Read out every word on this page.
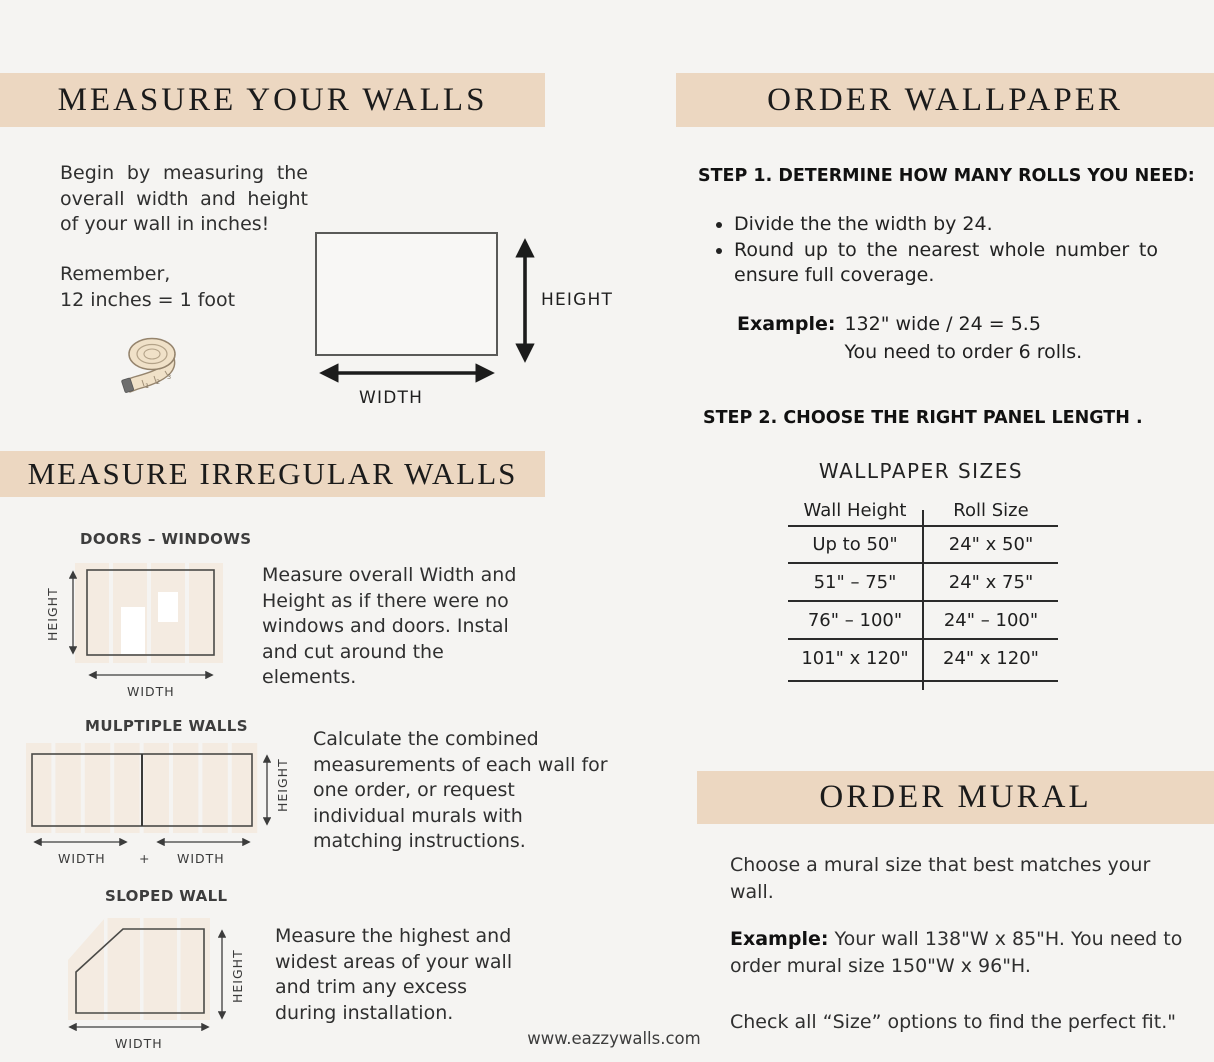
MEASURE YOUR WALLS
Begin by measuring the overall width and height of your wall in inches!
Remember,
12 inches = 1 foot
1 2
3
HEIGHT
WIDTH
MEASURE IRREGULAR WALLS
DOORS – WINDOWS
HEIGHT
WIDTH
Measure overall Width and Height as if there were no windows and doors. Instal and cut around the elements.
MULPTIPLE WALLS
HEIGHT
WIDTH	+ WIDTH
Calculate the combined measurements of each wall for one order, or request individual murals with matching instructions.
SLOPED WALL
HEIGHT
WIDTH
Measure the highest and widest areas of your wall and trim any excess during installation.
www.eazzywalls.com
ORDER WALLPAPER
STEP 1. DETERMINE HOW MANY ROLLS YOU NEED:
• Divide the the width by 24.
• Round up to the nearest whole number to ensure full coverage.
Example: 132" wide / 24 = 5.5
You need to order 6 rolls.
STEP 2. CHOOSE THE RIGHT PANEL LENGTH .
WALLPAPER SIZES
Wall Height	Roll Size
Up to 50"	24" x 50"
51" – 75"	24" x 75"
76" – 100"	24" – 100"
101" x 120"	24" x 120"
ORDER MURAL
Choose a mural size that best matches your wall.
Example: Your wall 138"W x 85"H. You need to
order mural size 150"W x 96"H.
Check all “Size” options to find the perfect fit."
